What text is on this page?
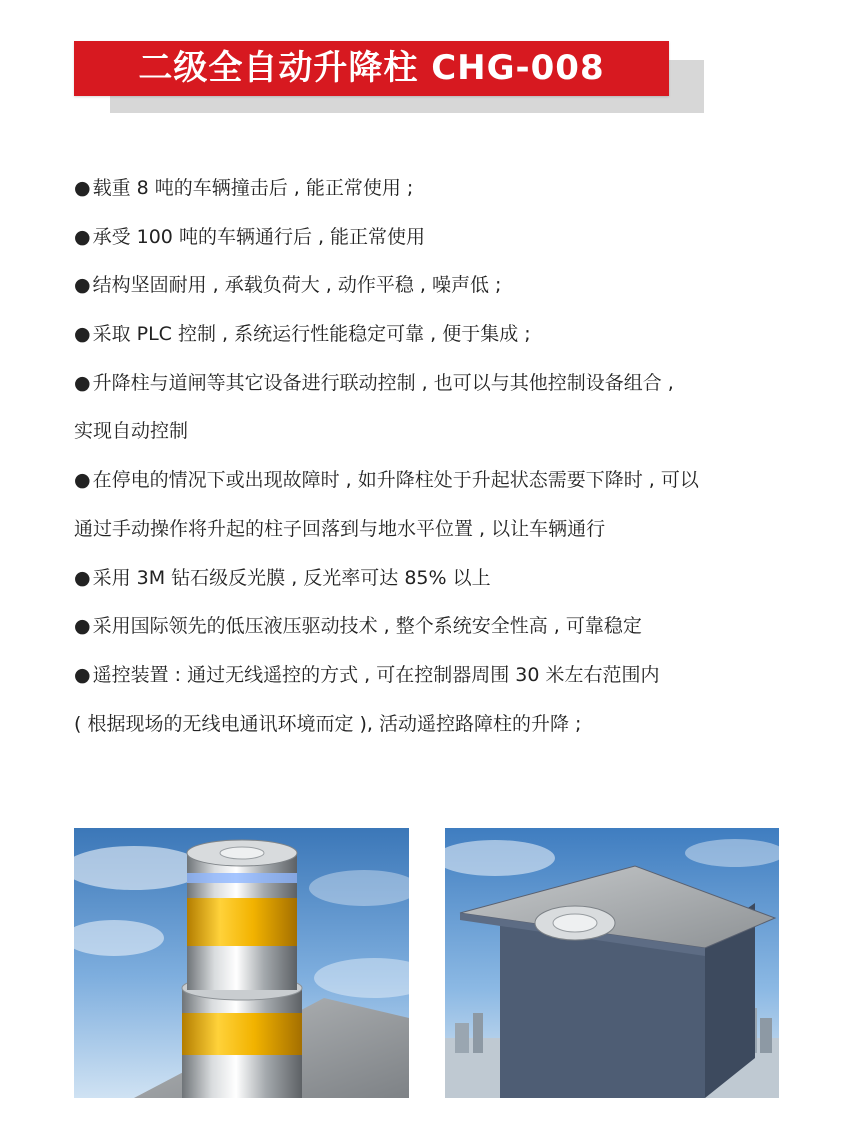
二级全自动升降柱 CHG-008
● 载重 8 吨的车辆撞击后 , 能正常使用 ;
● 承受 100 吨的车辆通行后 , 能正常使用
● 结构坚固耐用 , 承载负荷大 , 动作平稳 , 噪声低 ;
● 采取 PLC 控制 , 系统运行性能稳定可靠 , 便于集成 ;
● 升降柱与道闸等其它设备进行联动控制 , 也可以与其他控制设备组合 ,
实现自动控制
● 在停电的情况下或出现故障时 , 如升降柱处于升起状态需要下降时 , 可以
通过手动操作将升起的柱子回落到与地水平位置 , 以让车辆通行
● 采用 3M 钻石级反光膜 , 反光率可达 85% 以上
● 采用国际领先的低压液压驱动技术 , 整个系统安全性高 , 可靠稳定
● 遥控装置 : 通过无线遥控的方式 , 可在控制器周围 30 米左右范围内
( 根据现场的无线电通讯环境而定 ), 活动遥控路障柱的升降 ;
